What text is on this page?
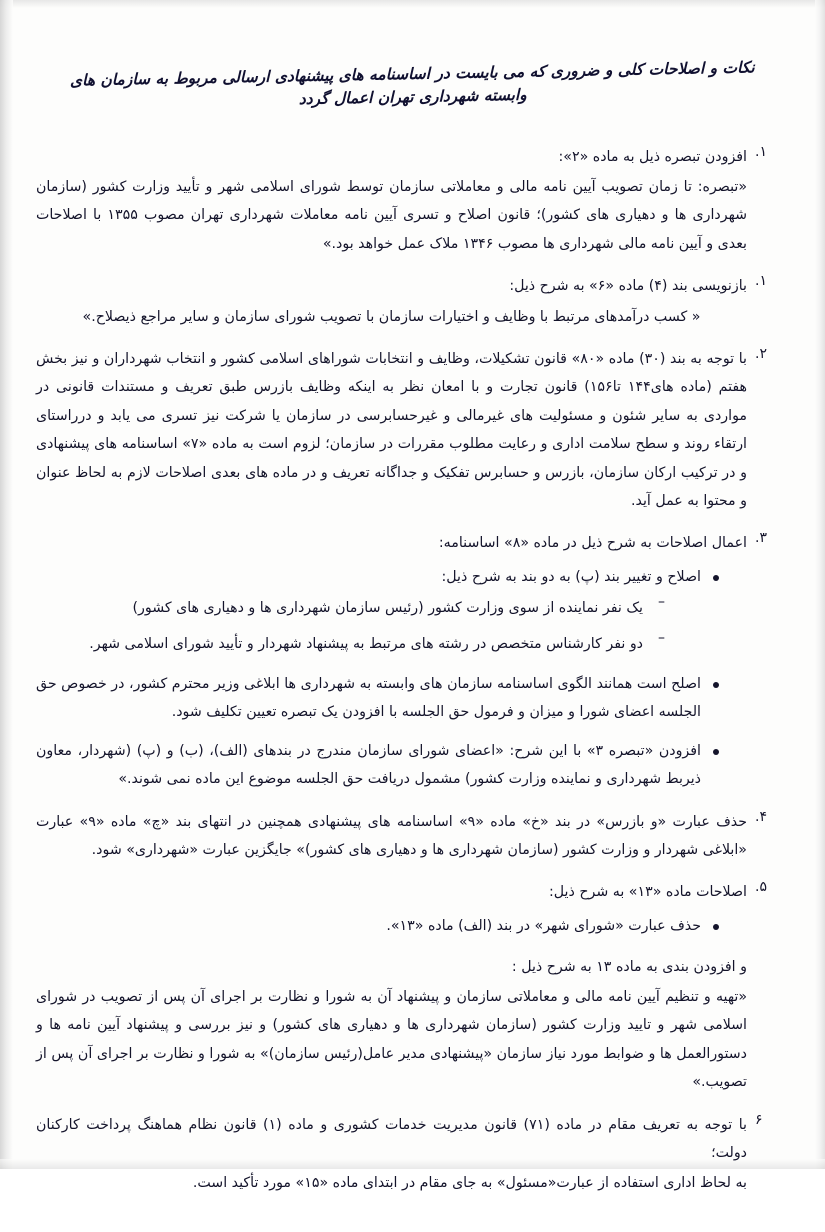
نکات و اصلاحات کلی و ضروری که می بایست در اساسنامه های پیشنهادی ارسالی مربوط به سازمان های وابسته شهرداری تهران اعمال گردد
۱.

افزودن تبصره ذیل به ماده «۲»:

«تبصره: تا زمان تصویب آیین نامه مالی و معاملاتی سازمان توسط شورای اسلامی شهر و تأیید وزارت کشور (سازمان شهرداری ها و دهیاری های کشور)؛ قانون اصلاح و تسری آیین نامه معاملات شهرداری تهران مصوب ۱۳۵۵ با اصلاحات بعدی و آیین نامه مالی شهرداری ها مصوب ۱۳۴۶ ملاک عمل خواهد بود.»

۱.

بازنویسی بند (۴) ماده «۶» به شرح ذیل:

« کسب درآمدهای مرتبط با وظایف و اختیارات سازمان با تصویب شورای سازمان و سایر مراجع ذیصلاح.»

۲.

با توجه به بند (۳۰) ماده «۸۰» قانون تشکیلات، وظایف و انتخابات شوراهای اسلامی کشور و انتخاب شهرداران و نیز بخش هفتم (ماده های۱۴۴ تا۱۵۶) قانون تجارت و با امعان نظر به اینکه وظایف بازرس طبق تعریف و مستندات قانونی در مواردی به سایر شئون و مسئولیت های غیرمالی و غیرحسابرسی در سازمان یا شرکت نیز تسری می یابد و درراستای ارتقاء روند و سطح سلامت اداری و رعایت مطلوب مقررات در سازمان؛ لزوم است به ماده «۷» اساسنامه های پیشنهادی و در ترکیب ارکان سازمان، بازرس و حسابرس تفکیک و جداگانه تعریف و در ماده های بعدی اصلاحات لازم به لحاظ عنوان و محتوا به عمل آید.

۳.

اعمال اصلاحات به شرح ذیل در ماده «۸» اساسنامه:

اصلاح و تغییر بند (پ) به دو بند به شرح ذیل:
– یک نفر نماینده از سوی وزارت کشور (رئیس سازمان شهرداری ها و دهیاری های کشور)
– دو نفر کارشناس متخصص در رشته های مرتبط به پیشنهاد شهردار و تأیید شورای اسلامی شهر.
اصلح است همانند الگوی اساسنامه سازمان های وابسته به شهرداری ها ابلاغی وزیر محترم کشور، در خصوص حق الجلسه اعضای شورا و میزان و فرمول حق الجلسه با افزودن یک تبصره تعیین تکلیف شود.
افزودن «تبصره ۳» با این شرح: «اعضای شورای سازمان مندرج در بندهای (الف)، (ب) و (پ) (شهردار، معاون ذیربط شهرداری و نماینده وزارت کشور) مشمول دریافت حق الجلسه موضوع این ماده نمی شوند.»
۴.

حذف عبارت «و بازرس» در بند «خ» ماده «۹» اساسنامه های پیشنهادی همچنین در انتهای بند «چ» ماده «۹» عبارت «ابلاغی شهردار و وزارت کشور (سازمان شهرداری ها و دهیاری های کشور)» جایگزین عبارت «شهرداری» شود.

۵.

اصلاحات ماده «۱۳» به شرح ذیل:

حذف عبارت «شورای شهر» در بند (الف) ماده «۱۳».

و افزودن بندی به ماده ۱۳ به شرح ذیل :

«تهیه و تنظیم آیین نامه مالی و معاملاتی سازمان و پیشنهاد آن به شورا و نظارت بر اجرای آن پس از تصویب در شورای اسلامی شهر و تایید وزارت کشور (سازمان شهرداری ها و دهیاری های کشور) و نیز بررسی و پیشنهاد آیین نامه ها و دستورالعمل ها و ضوابط مورد نیاز سازمان «پیشنهادی مدیر عامل(رئیس سازمان)» به شورا و نظارت بر اجرای آن پس از تصویب.»

۶

با توجه به تعریف مقام در ماده (۷۱) قانون مدیریت خدمات کشوری و ماده (۱) قانون نظام هماهنگ پرداخت کارکنان دولت؛

به لحاظ اداری استفاده از عبارت«مسئول» به جای مقام در ابتدای ماده «۱۵» مورد تأکید است.
